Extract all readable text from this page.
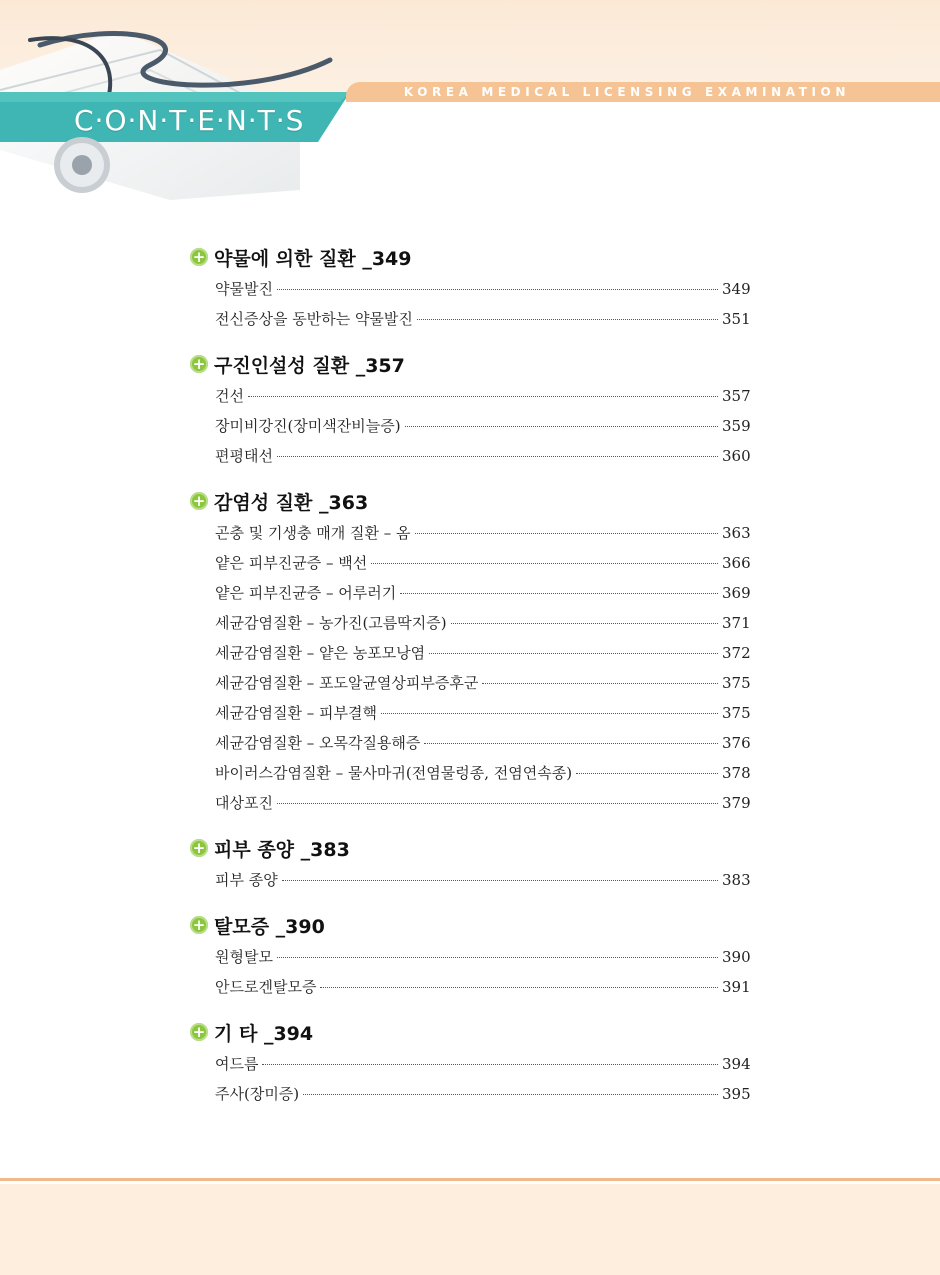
KOREA MEDICAL LICENSING EXAMINATION
C·O·N·T·E·N·T·S
+ 약물에 의한 질환 _349
약물발진	349
전신증상을 동반하는 약물발진	351
+ 구진인설성 질환 _357
건선	357
장미비강진(장미색잔비늘증)	359
편평태선	360
+ 감염성 질환 _363
곤충 및 기생충 매개 질환 – 옴	363
얕은 피부진균증 – 백선	366
얕은 피부진균증 – 어루러기	369
세균감염질환 – 농가진(고름딱지증)	371
세균감염질환 – 얕은 농포모낭염	372
세균감염질환 – 포도알균열상피부증후군	375
세균감염질환 – 피부결핵	375
세균감염질환 – 오목각질용해증	376
바이러스감염질환 – 물사마귀(전염물렁종, 전염연속종)	378
대상포진	379
+ 피부 종양 _383
피부 종양	383
+ 탈모증 _390
원형탈모	390
안드로겐탈모증	391
+ 기 타 _394
여드름	394
주사(장미증)	395
